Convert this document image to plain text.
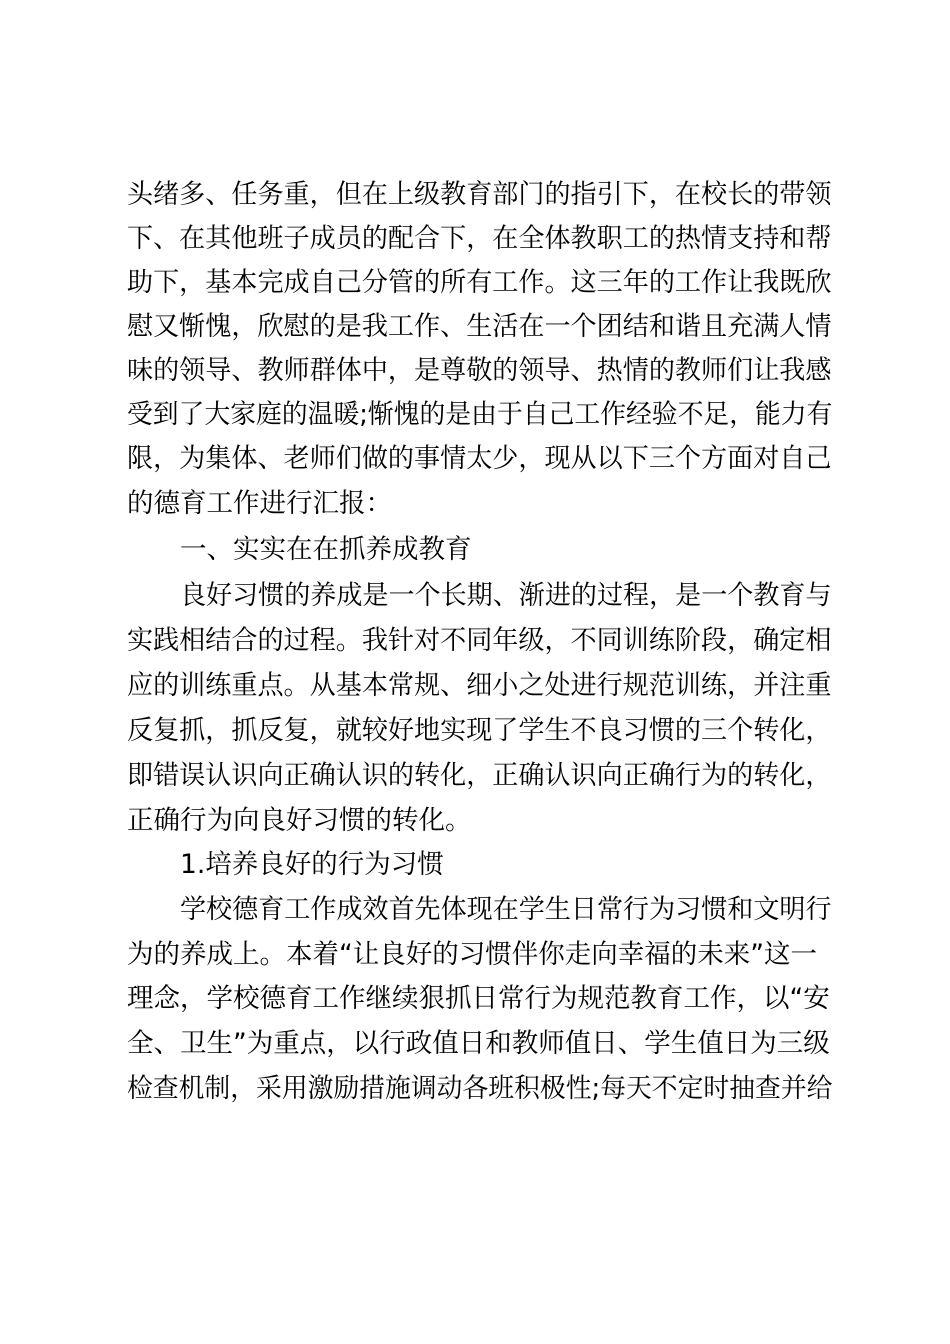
头绪多、任务重，但在上级教育部门的指引下，在校长的带领
下、在其他班子成员的配合下，在全体教职工的热情支持和帮
助下，基本完成自己分管的所有工作。这三年的工作让我既欣
慰又惭愧，欣慰的是我工作、生活在一个团结和谐且充满人情
味的领导、教师群体中，是尊敬的领导、热情的教师们让我感
受到了大家庭的温暖;惭愧的是由于自己工作经验不足，能力有
限，为集体、老师们做的事情太少，现从以下三个方面对自己
的德育工作进行汇报：
一、实实在在抓养成教育
良好习惯的养成是一个长期、渐进的过程，是一个教育与
实践相结合的过程。我针对不同年级，不同训练阶段，确定相
应的训练重点。从基本常规、细小之处进行规范训练，并注重
反复抓，抓反复，就较好地实现了学生不良习惯的三个转化，
即错误认识向正确认识的转化，正确认识向正确行为的转化，
正确行为向良好习惯的转化。
1.培养良好的行为习惯
学校德育工作成效首先体现在学生日常行为习惯和文明行
为的养成上。本着“让良好的习惯伴你走向幸福的未来”这一
理念，学校德育工作继续狠抓日常行为规范教育工作，以“安
全、卫生”为重点，以行政值日和教师值日、学生值日为三级
检查机制，采用激励措施调动各班积极性;每天不定时抽查并给
